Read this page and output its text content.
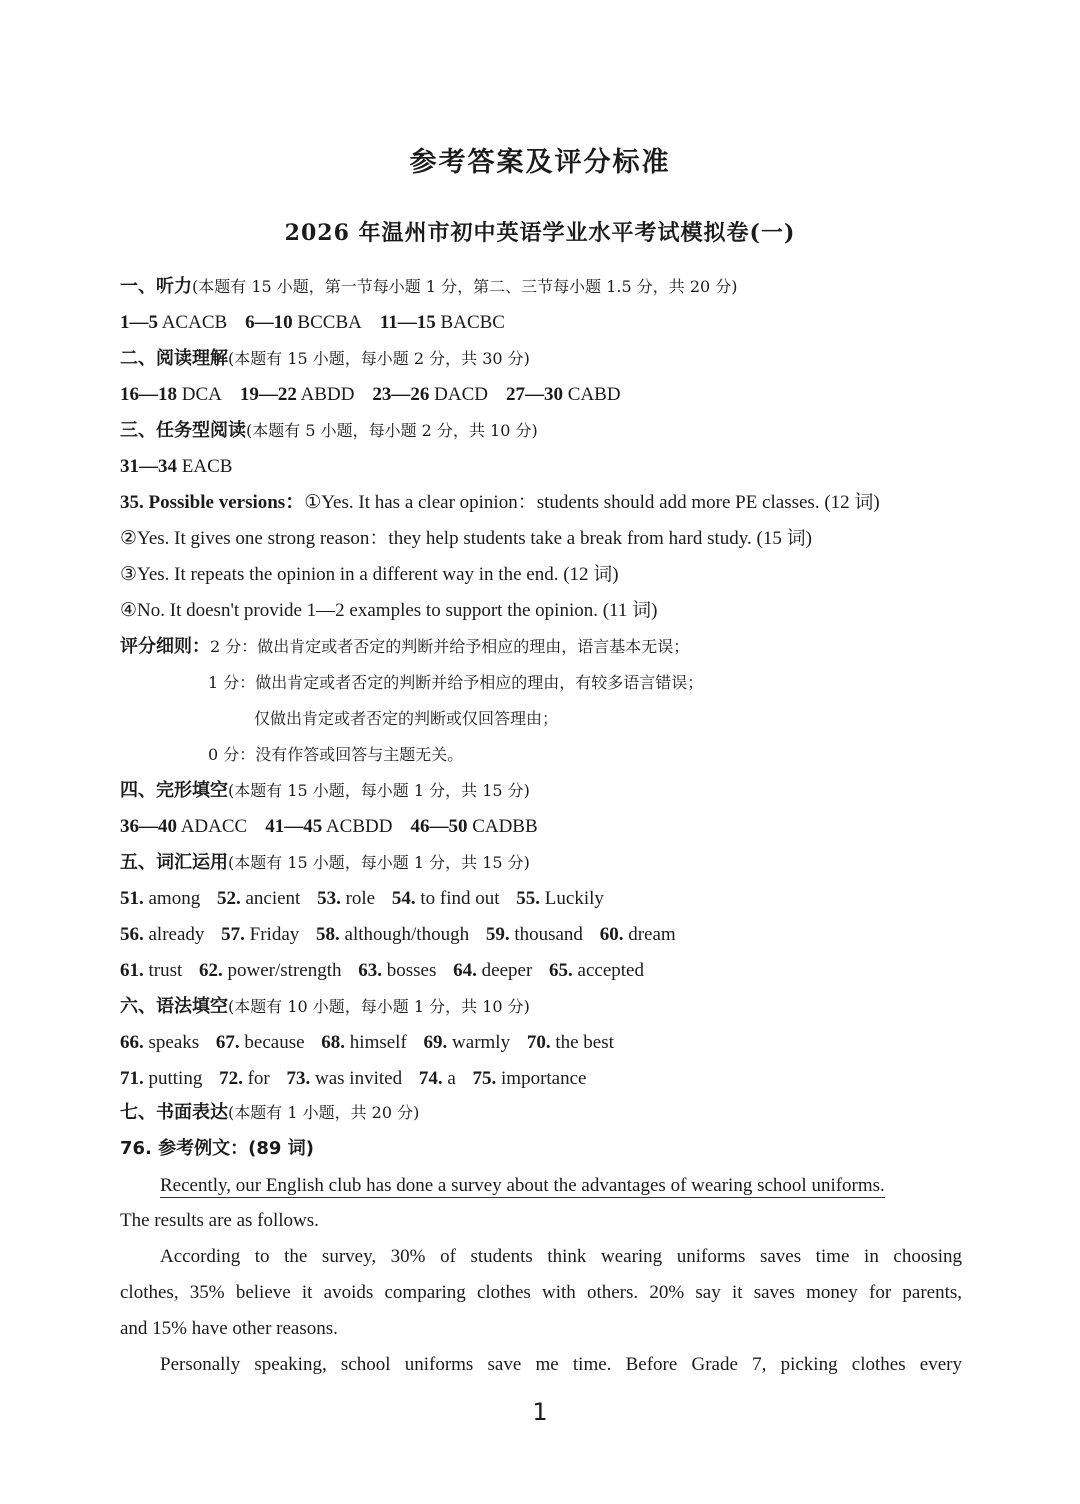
参考答案及评分标准
2026 年温州市初中英语学业水平考试模拟卷(一)
一、听力(本题有 15 小题，第一节每小题 1 分，第二、三节每小题 1.5 分，共 20 分)
1—5 ACACB 6—10 BCCBA 11—15 BACBC
二、阅读理解(本题有 15 小题，每小题 2 分，共 30 分)
16—18 DCA 19—22 ABDD 23—26 DACD 27—30 CABD
三、任务型阅读(本题有 5 小题，每小题 2 分，共 10 分)
31—34 EACB
35. Possible versions：①Yes. It has a clear opinion：students should add more PE classes. (12 词)
②Yes. It gives one strong reason：they help students take a break from hard study. (15 词)
③Yes. It repeats the opinion in a different way in the end. (12 词)
④No. It doesn't provide 1—2 examples to support the opinion. (11 词)
评分细则：2 分：做出肯定或者否定的判断并给予相应的理由，语言基本无误；
1 分：做出肯定或者否定的判断并给予相应的理由，有较多语言错误；
仅做出肯定或者否定的判断或仅回答理由；
0 分：没有作答或回答与主题无关。
四、完形填空(本题有 15 小题，每小题 1 分，共 15 分)
36—40 ADACC 41—45 ACBDD 46—50 CADBB
五、词汇运用(本题有 15 小题，每小题 1 分，共 15 分)
51. among 52. ancient 53. role 54. to find out 55. Luckily
56. already 57. Friday 58. although/though 59. thousand 60. dream
61. trust 62. power/strength 63. bosses 64. deeper 65. accepted
六、语法填空(本题有 10 小题，每小题 1 分，共 10 分)
66. speaks 67. because 68. himself 69. warmly 70. the best
71. putting 72. for 73. was invited 74. a 75. importance
七、书面表达(本题有 1 小题，共 20 分)
76. 参考例文：(89 词)
Recently, our English club has done a survey about the advantages of wearing school uniforms.
The results are as follows.
According to the survey, 30% of students think wearing uniforms saves time in choosing
clothes, 35% believe it avoids comparing clothes with others. 20% say it saves money for parents,
and 15% have other reasons.
Personally speaking, school uniforms save me time. Before Grade 7, picking clothes every
1
